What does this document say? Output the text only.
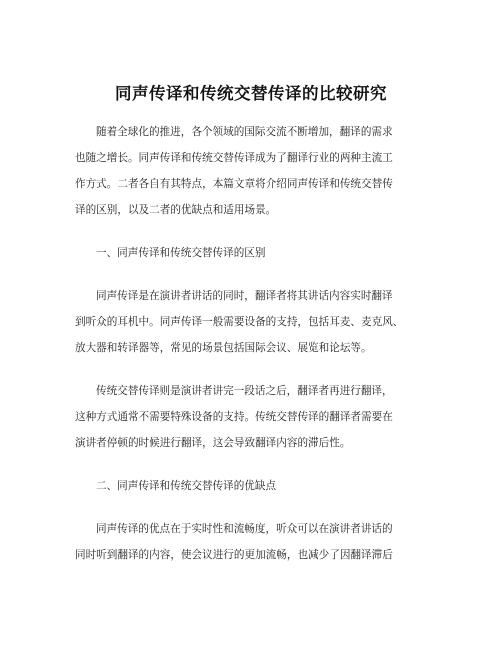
同声传译和传统交替传译的比较研究
随着全球化的推进，各个领域的国际交流不断增加，翻译的需求
也随之增长。同声传译和传统交替传译成为了翻译行业的两种主流工
作方式。二者各自有其特点，本篇文章将介绍同声传译和传统交替传
译的区别，以及二者的优缺点和适用场景。
一、同声传译和传统交替传译的区别
同声传译是在演讲者讲话的同时，翻译者将其讲话内容实时翻译
到听众的耳机中。同声传译一般需要设备的支持，包括耳麦、麦克风、
放大器和转译器等，常见的场景包括国际会议、展览和论坛等。
传统交替传译则是演讲者讲完一段话之后，翻译者再进行翻译，
这种方式通常不需要特殊设备的支持。传统交替传译的翻译者需要在
演讲者停顿的时候进行翻译，这会导致翻译内容的滞后性。
二、同声传译和传统交替传译的优缺点
同声传译的优点在于实时性和流畅度，听众可以在演讲者讲话的
同时听到翻译的内容，使会议进行的更加流畅，也减少了因翻译滞后
